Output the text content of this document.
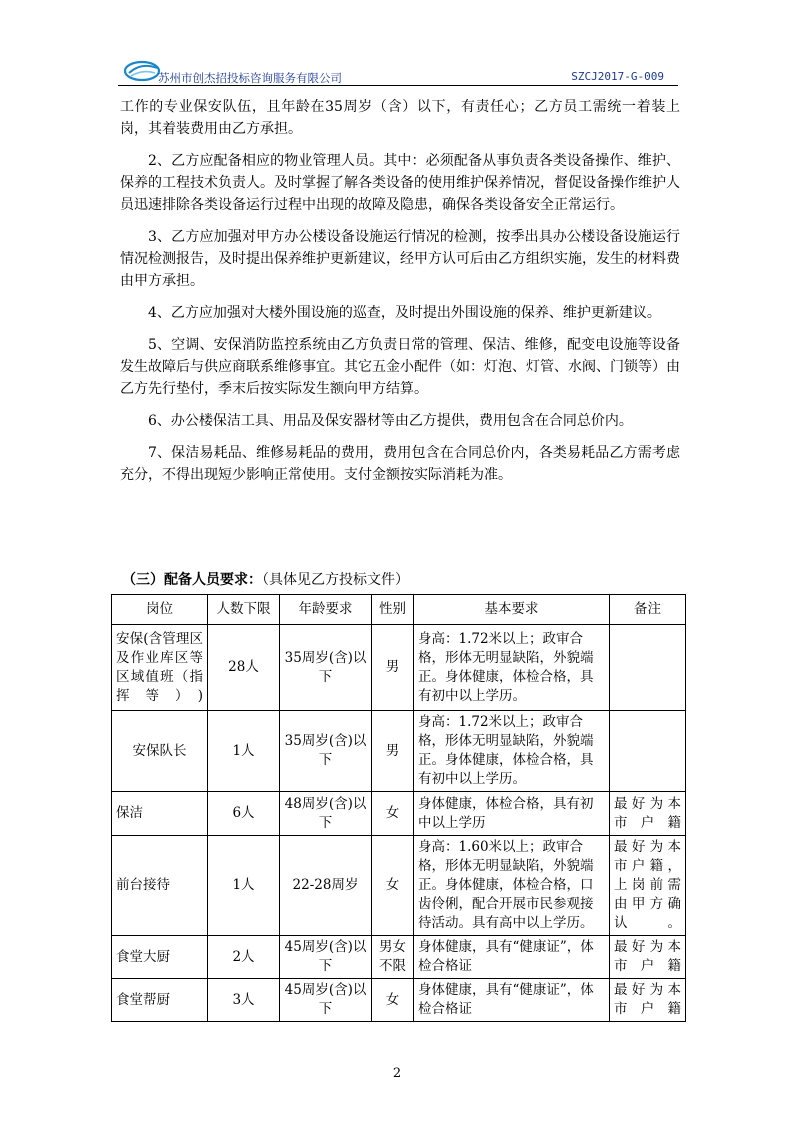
苏州市创杰招投标咨询服务有限公司	SZCJ2017-G-009

工作的专业保安队伍，且年龄在35周岁（含）以下，有责任心；乙方员工需统一着装上岗，其着装费用由乙方承担。

2、乙方应配备相应的物业管理人员。其中：必须配备从事负责各类设备操作、维护、保养的工程技术负责人。及时掌握了解各类设备的使用维护保养情况，督促设备操作维护人员迅速排除各类设备运行过程中出现的故障及隐患，确保各类设备安全正常运行。

3、乙方应加强对甲方办公楼设备设施运行情况的检测，按季出具办公楼设备设施运行情况检测报告，及时提出保养维护更新建议，经甲方认可后由乙方组织实施，发生的材料费由甲方承担。

4、乙方应加强对大楼外围设施的巡查，及时提出外围设施的保养、维护更新建议。

5、空调、安保消防监控系统由乙方负责日常的管理、保洁、维修，配变电设施等设备发生故障后与供应商联系维修事宜。其它五金小配件（如：灯泡、灯管、水阀、门锁等）由乙方先行垫付，季末后按实际发生额向甲方结算。

6、办公楼保洁工具、用品及保安器材等由乙方提供，费用包含在合同总价内。

7、保洁易耗品、维修易耗品的费用，费用包含在合同总价内，各类易耗品乙方需考虑充分，不得出现短少影响正常使用。支付金额按实际消耗为准。

（三）配备人员要求：（具体见乙方投标文件）
岗位	人数下限	年龄要求	性别	基本要求	备注
安保(含管理区及作业库区等区域值班（指挥等）)	28人	35周岁(含)以下	男	身高：1.72米以上；政审合格，形体无明显缺陷，外貌端正。身体健康，体检合格，具有初中以上学历。	
安保队长	1人	35周岁(含)以下	男	身高：1.72米以上；政审合格，形体无明显缺陷，外貌端正。身体健康，体检合格，具有初中以上学历。	
保洁	6人	48周岁(含)以下	女	身体健康，体检合格，具有初中以上学历	最好为本市户籍
前台接待	1人	22-28周岁	女	身高：1.60米以上；政审合格，形体无明显缺陷，外貌端正。身体健康，体检合格，口齿伶俐，配合开展市民参观接待活动。具有高中以上学历。	最好为本市户籍，上岗前需由甲方确认。
食堂大厨	2人	45周岁(含)以下	男女不限	身体健康，具有“健康证”，体检合格证	最好为本市户籍
食堂帮厨	3人	45周岁(含)以下	女	身体健康，具有“健康证”，体检合格证	最好为本市户籍
2
